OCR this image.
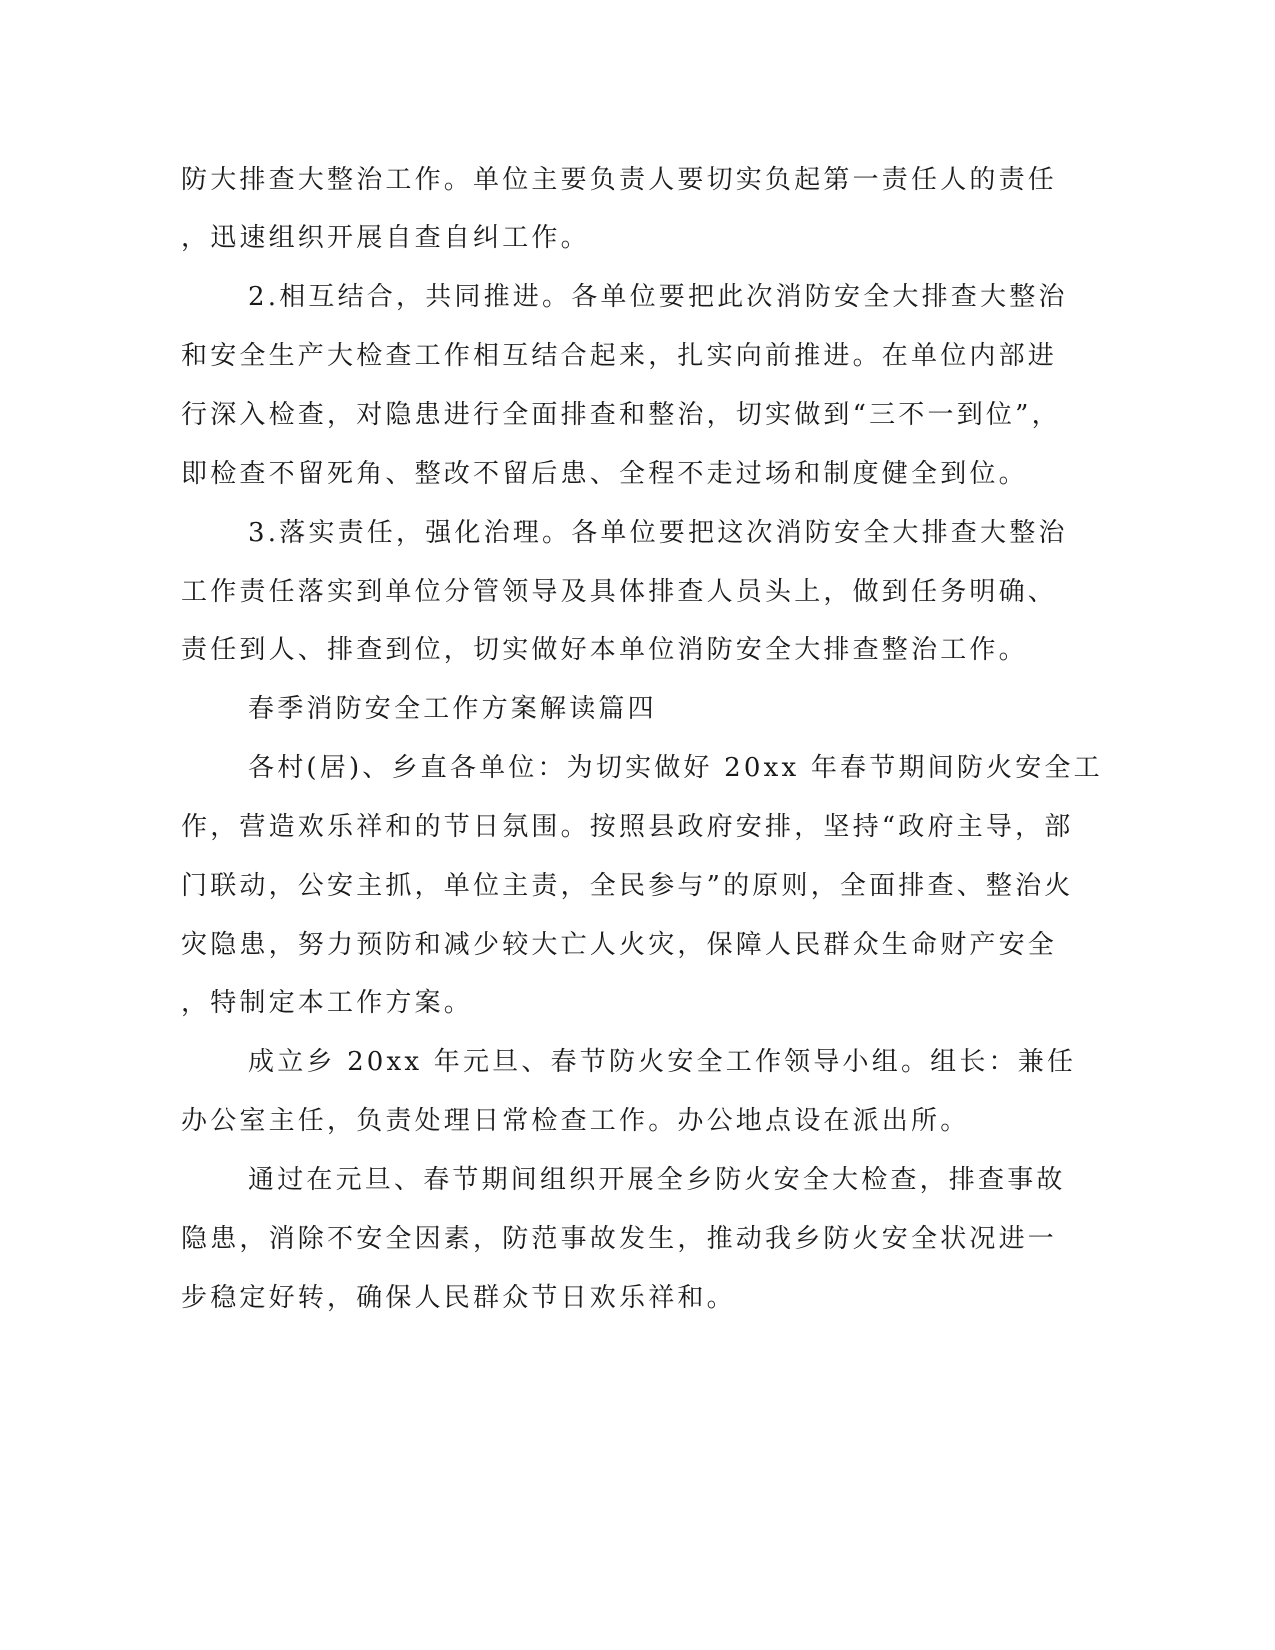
防大排查大整治工作。单位主要负责人要切实负起第一责任人的责任
，迅速组织开展自查自纠工作。
2.相互结合，共同推进。各单位要把此次消防安全大排查大整治
和安全生产大检查工作相互结合起来，扎实向前推进。在单位内部进
行深入检查，对隐患进行全面排查和整治，切实做到“三不一到位”，
即检查不留死角、整改不留后患、全程不走过场和制度健全到位。
3.落实责任，强化治理。各单位要把这次消防安全大排查大整治
工作责任落实到单位分管领导及具体排查人员头上，做到任务明确、
责任到人、排查到位，切实做好本单位消防安全大排查整治工作。
春季消防安全工作方案解读篇四
各村(居)、乡直各单位：为切实做好 20xx 年春节期间防火安全工
作，营造欢乐祥和的节日氛围。按照县政府安排，坚持“政府主导，部
门联动，公安主抓，单位主责，全民参与”的原则，全面排查、整治火
灾隐患，努力预防和减少较大亡人火灾，保障人民群众生命财产安全
，特制定本工作方案。
成立乡 20xx 年元旦、春节防火安全工作领导小组。组长：兼任
办公室主任，负责处理日常检查工作。办公地点设在派出所。
通过在元旦、春节期间组织开展全乡防火安全大检查，排查事故
隐患，消除不安全因素，防范事故发生，推动我乡防火安全状况进一
步稳定好转，确保人民群众节日欢乐祥和。
